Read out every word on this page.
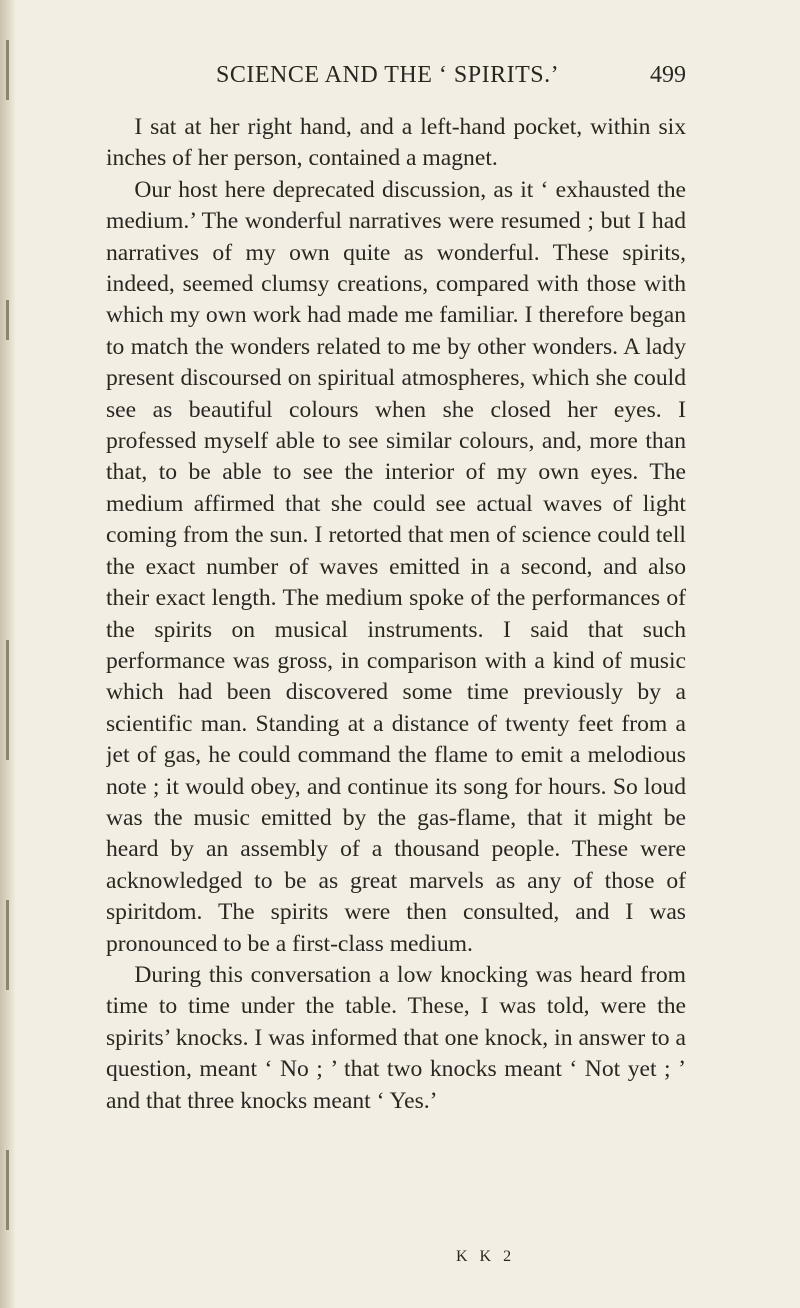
SCIENCE AND THE ‘ SPIRITS.’	499

I sat at her right hand, and a left-hand pocket, within six inches of her person, contained a magnet.

Our host here deprecated discussion, as it ‘ exhausted the medium.’ The wonderful narratives were resumed ; but I had narratives of my own quite as wonderful. These spirits, indeed, seemed clumsy creations, compared with those with which my own work had made me familiar. I therefore began to match the wonders related to me by other wonders. A lady present discoursed on spiritual atmospheres, which she could see as beautiful colours when she closed her eyes. I professed myself able to see similar colours, and, more than that, to be able to see the interior of my own eyes. The medium affirmed that she could see actual waves of light coming from the sun. I retorted that men of science could tell the exact number of waves emitted in a second, and also their exact length. The medium spoke of the performances of the spirits on musical instruments. I said that such performance was gross, in comparison with a kind of music which had been discovered some time previously by a scientific man. Standing at a distance of twenty feet from a jet of gas, he could command the flame to emit a melodious note ; it would obey, and continue its song for hours. So loud was the music emitted by the gas-flame, that it might be heard by an assembly of a thousand people. These were acknowledged to be as great marvels as any of those of spiritdom. The spirits were then consulted, and I was pronounced to be a first-class medium.

During this conversation a low knocking was heard from time to time under the table. These, I was told, were the spirits’ knocks. I was informed that one knock, in answer to a question, meant ‘ No ; ’ that two knocks meant ‘ Not yet ; ’ and that three knocks meant ‘ Yes.’

K K 2
